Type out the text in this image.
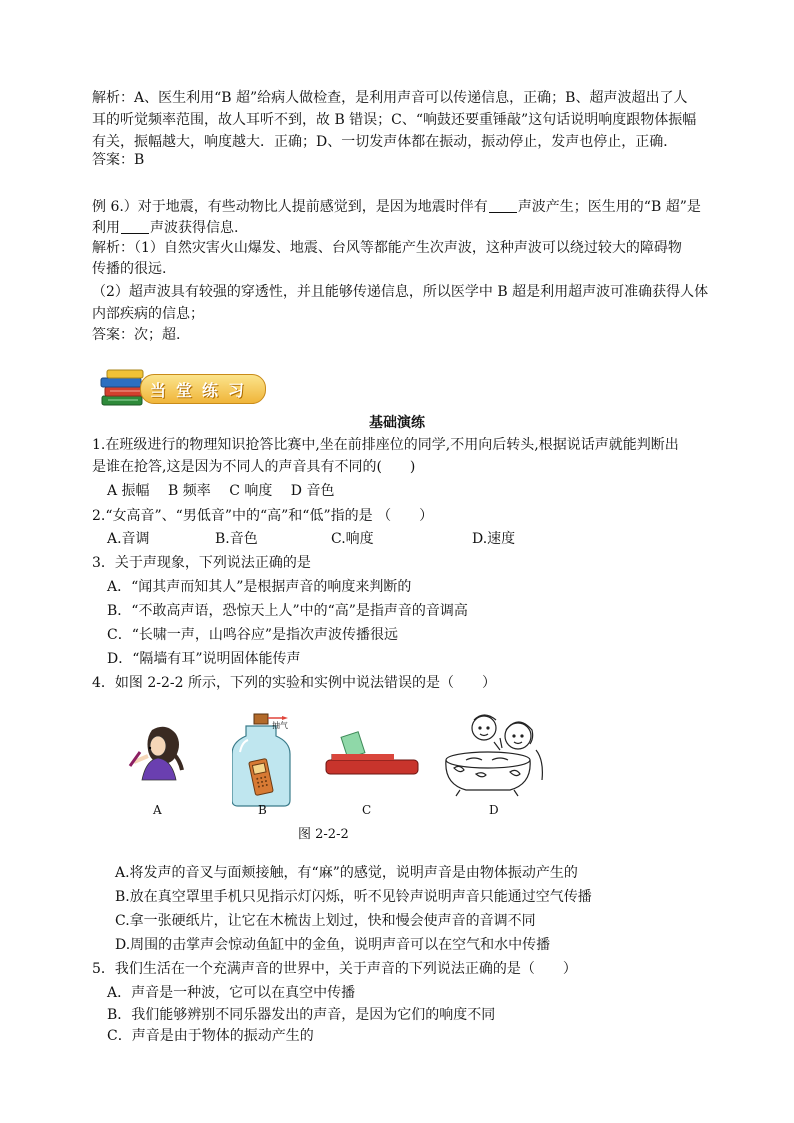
解析：A、医生利用“B 超”给病人做检查，是利用声音可以传递信息，正确；B、超声波超出了人
耳的听觉频率范围，故人耳听不到，故 B 错误；C、“响鼓还要重锤敲”这句话说明响度跟物体振幅
有关，振幅越大，响度越大．正确；D、一切发声体都在振动，振动停止，发声也停止，正确．
答案：B
例 6.）对于地震，有些动物比人提前感觉到，是因为地震时伴有 声波产生；医生用的“B 超”是
利用 声波获得信息.
解析：（1）自然灾害火山爆发、地震、台风等都能产生次声波，这种声波可以绕过较大的障碍物
传播的很远.
（2）超声波具有较强的穿透性，并且能够传递信息，所以医学中 B 超是利用超声波可准确获得人体
内部疾病的信息；
答案：次；超.
当堂练习
基础演练
1.在班级进行的物理知识抢答比赛中,坐在前排座位的同学,不用向后转头,根据说话声就能判断出
是谁在抢答,这是因为不同人的声音具有不同的(　　)
A 振幅　 B 频率　 C 响度　 D 音色
2.“女高音”、“男低音”中的“高”和“低”指的是 （　　）
A.音调	B.音色	C.响度	D.速度
3．关于声现象，下列说法正确的是
A．“闻其声而知其人”是根据声音的响度来判断的
B．“不敢高声语，恐惊天上人”中的“高”是指声音的音调高
C．“长啸一声，山鸣谷应”是指次声波传播很远
D．“隔墙有耳”说明固体能传声
4．如图 2-2-2 所示，下列的实验和实例中说法错误的是（　　）
A
抽气
B	C	D
图 2-2-2
A.将发声的音叉与面颊接触，有“麻”的感觉，说明声音是由物体振动产生的
B.放在真空罩里手机只见指示灯闪烁，听不见铃声说明声音只能通过空气传播
C.拿一张硬纸片，让它在木梳齿上划过，快和慢会使声音的音调不同
D.周围的击掌声会惊动鱼缸中的金鱼，说明声音可以在空气和水中传播
5．我们生活在一个充满声音的世界中，关于声音的下列说法正确的是（　　）
A．声音是一种波，它可以在真空中传播
B．我们能够辨别不同乐器发出的声音，是因为它们的响度不同
C．声音是由于物体的振动产生的
